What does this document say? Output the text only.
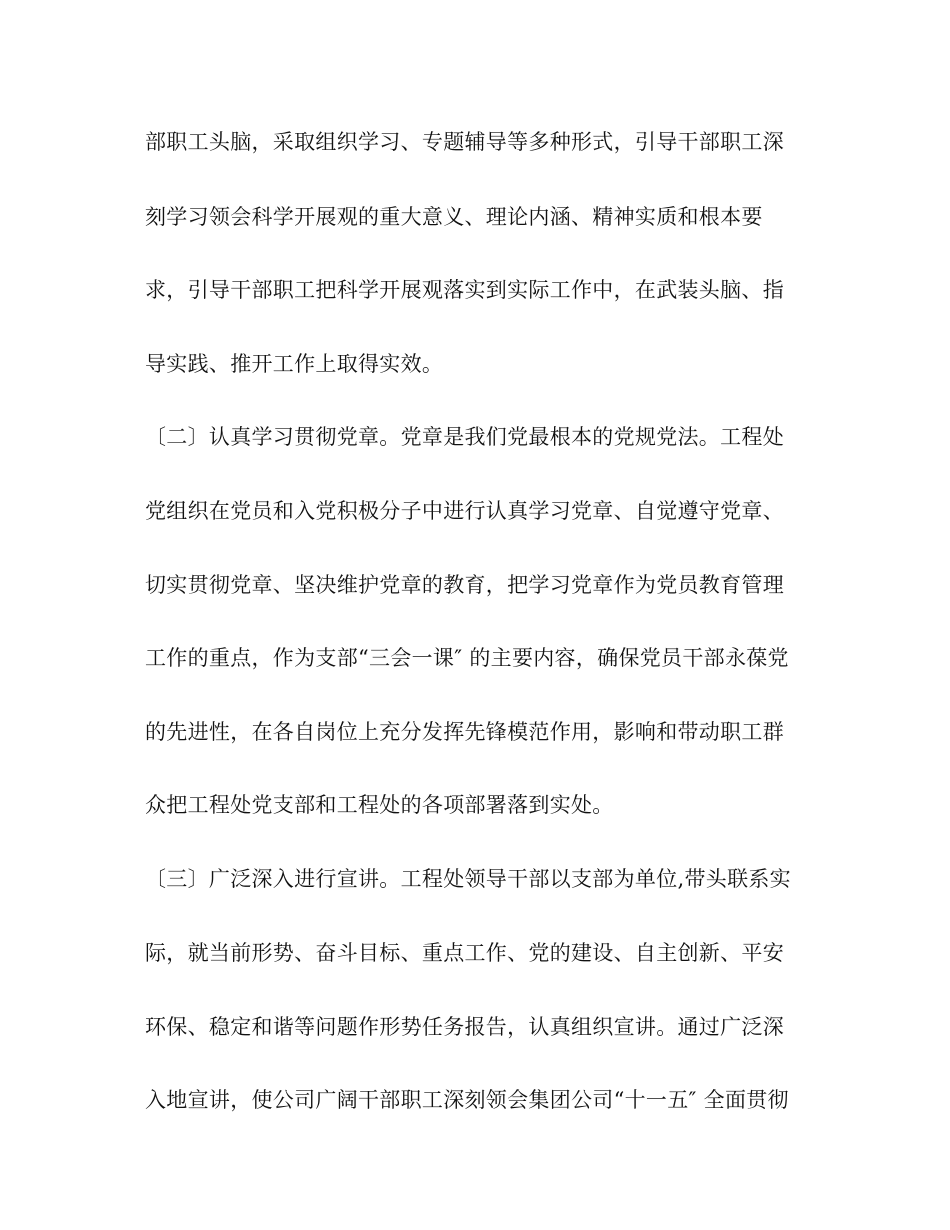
部职工头脑，采取组织学习、专题辅导等多种形式，引导干部职工深
刻学习领会科学开展观的重大意义、理论内涵、精神实质和根本要
求，引导干部职工把科学开展观落实到实际工作中，在武装头脑、指
导实践、推开工作上取得实效。
〔二〕认真学习贯彻党章。党章是我们党最根本的党规党法。工程处
党组织在党员和入党积极分子中进行认真学习党章、自觉遵守党章、
切实贯彻党章、坚决维护党章的教育，把学习党章作为党员教育管理
工作的重点，作为支部“三会一课″ 的主要内容，确保党员干部永葆党
的先进性，在各自岗位上充分发挥先锋模范作用，影响和带动职工群
众把工程处党支部和工程处的各项部署落到实处。
〔三〕广泛深入进行宣讲。工程处领导干部以支部为单位,带头联系实
际，就当前形势、奋斗目标、重点工作、党的建设、自主创新、平安
环保、稳定和谐等问题作形势任务报告，认真组织宣讲。通过广泛深
入地宣讲，使公司广阔干部职工深刻领会集团公司“十一五″ 全面贯彻
